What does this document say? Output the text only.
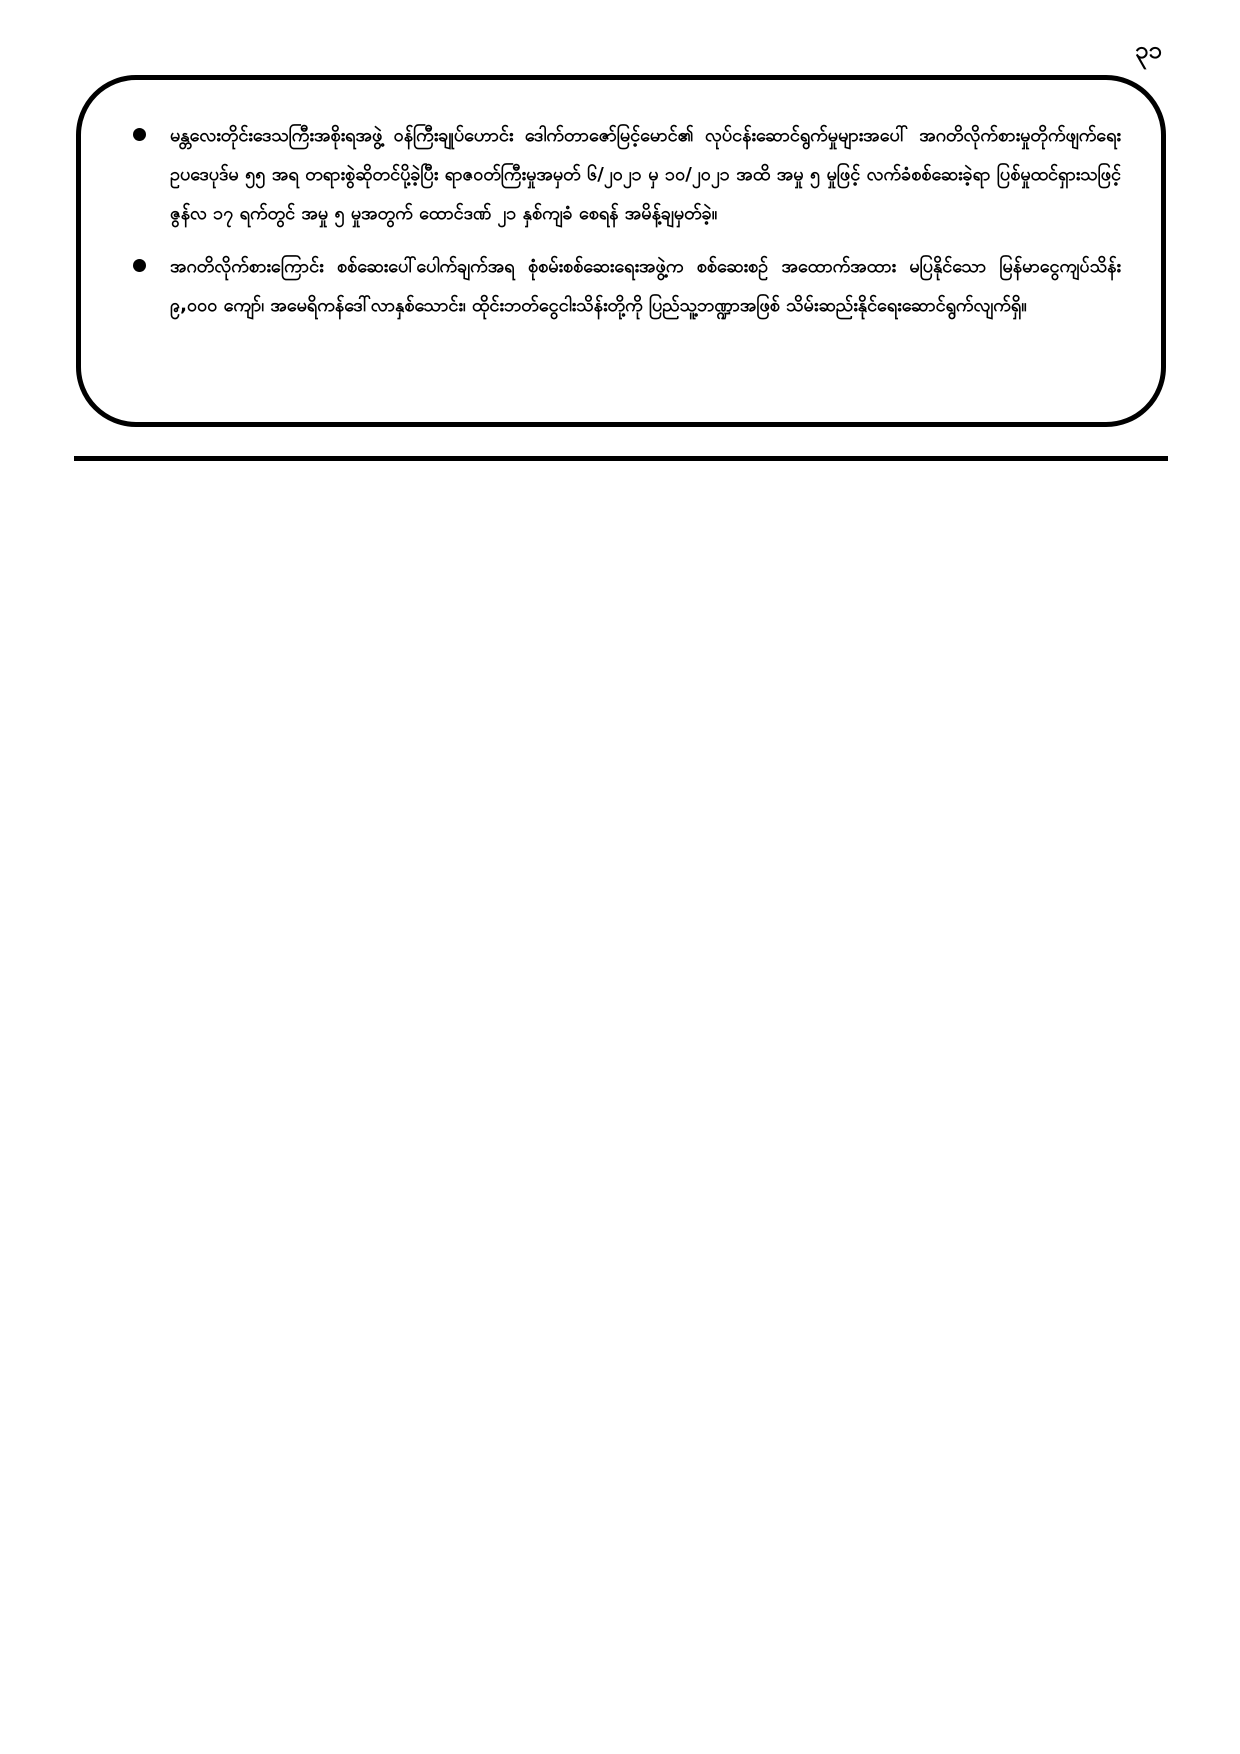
၃၁
မန္တလေးတိုင်းဒေသကြီးအစိုးရအဖွဲ့ ဝန်ကြီးချုပ်ဟောင်း ဒေါက်တာဇော်မြင့်မောင်၏ လုပ်ငန်းဆောင်ရွက်မှုများအပေါ် အဂတိလိုက်စားမှုတိုက်ဖျက်ရေးဥပဒေပုဒ်မ ၅၅ အရ တရားစွဲဆိုတင်ပို့ခဲ့ပြီး ရာဇဝတ်ကြီးမှုအမှတ် ၆/၂၀၂၁ မှ ၁၀/၂၀၂၁ အထိ အမှု ၅ မှုဖြင့် လက်ခံစစ်ဆေးခဲ့ရာ ပြစ်မှုထင်ရှားသဖြင့် ဇွန်လ ၁၇ ရက်တွင် အမှု ၅ မှုအတွက် ထောင်ဒဏ် ၂၁ နှစ်ကျခံ စေရန် အမိန့်ချမှတ်ခဲ့။
အဂတိလိုက်စားကြောင်း စစ်ဆေးပေါ်ပေါက်ချက်အရ စုံစမ်းစစ်ဆေးရေးအဖွဲ့က စစ်ဆေးစဉ် အထောက်အထား မပြနိုင်သော မြန်မာငွေကျပ်သိန်း ၉,၀၀၀ ကျော်၊ အမေရိကန်ဒေါ်လာနှစ်သောင်း၊ ထိုင်းဘတ်ငွေငါးသိန်းတို့ကို ပြည်သူ့ဘဏ္ဍာအဖြစ် သိမ်းဆည်းနိုင်ရေးဆောင်ရွက်လျက်ရှိ။
